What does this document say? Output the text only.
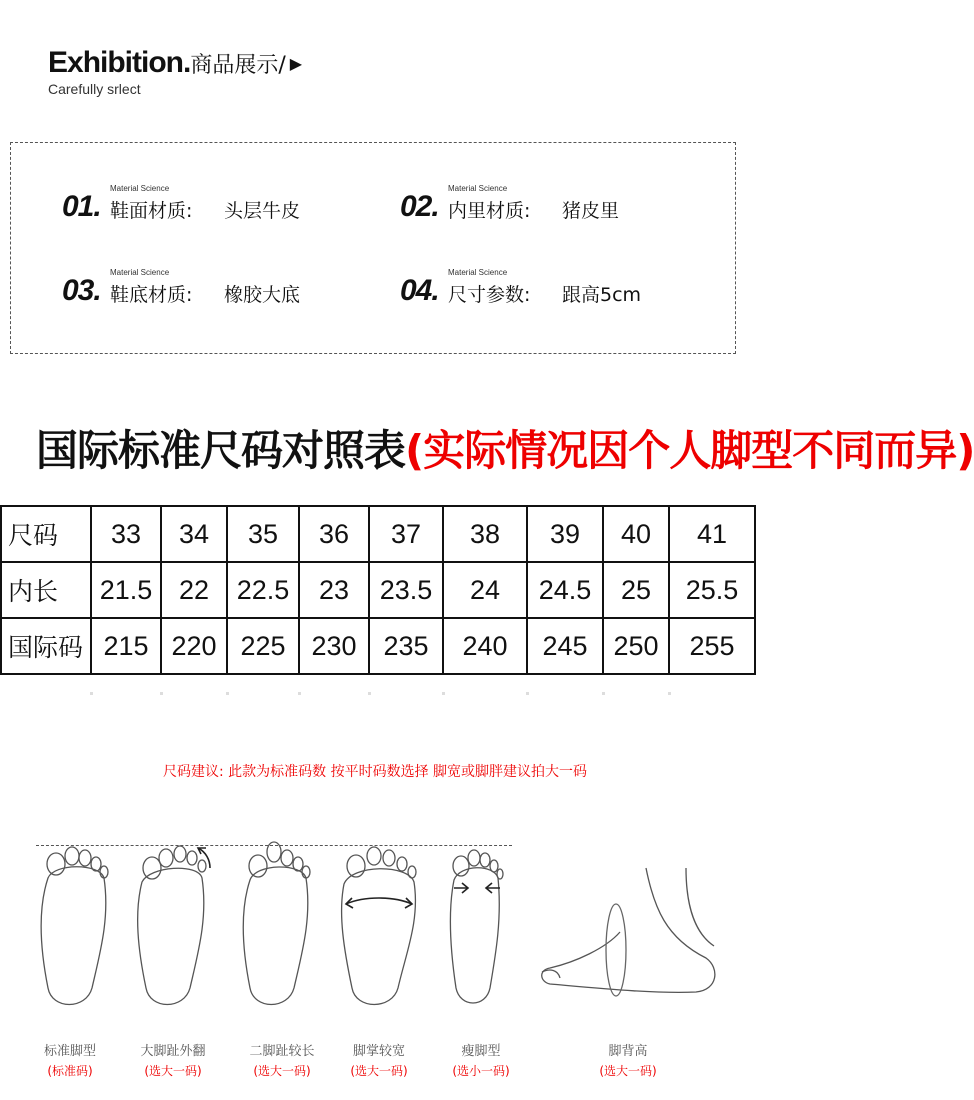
Exhibition.商品展示/ ▶
Carefully srlect
01.
Material Science
鞋面材质: 头层牛皮	02.
Material Science
内里材质: 猪皮里
03.
Material Science
鞋底材质: 橡胶大底	04.
Material Science
尺寸参数: 跟高5cm
国际标准尺码对照表(实际情况因个人脚型不同而异)
尺码	33	34	35	36	37	38	39	40	41
内长	21.5	22	22.5	23	23.5	24	24.5	25	25.5
国际码	215	220	225	230	235	240	245	250	255
尺码建议: 此款为标准码数 按平时码数选择 脚宽或脚胖建议拍大一码
标准脚型
(标准码)
大脚趾外翻
(选大一码)
二脚趾较长
(选大一码)
脚掌较宽
(选大一码)
瘦脚型
(选小一码)
脚背高
(选大一码)
